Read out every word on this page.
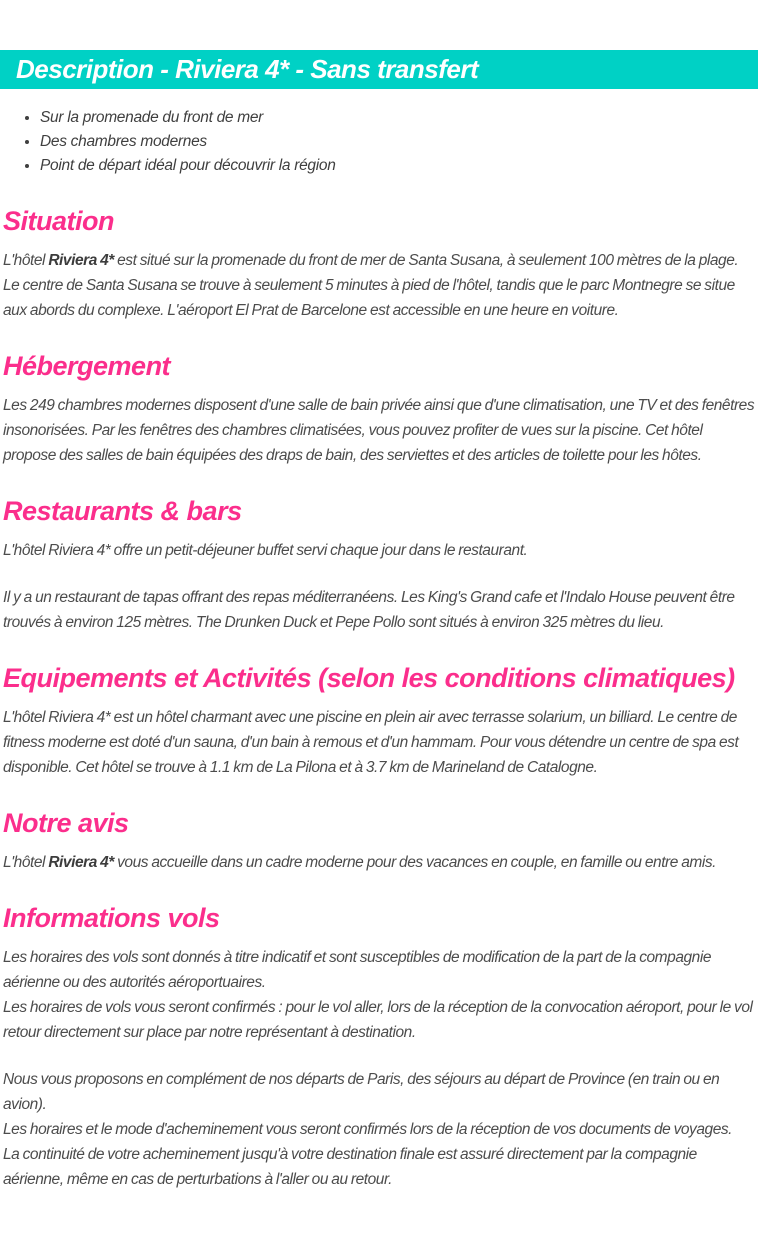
Description - Riviera 4* - Sans transfert
• Sur la promenade du front de mer
• Des chambres modernes
• Point de départ idéal pour découvrir la région
Situation

L'hôtel Riviera 4* est situé sur la promenade du front de mer de Santa Susana, à seulement 100 mètres de la plage. Le centre de Santa Susana se trouve à seulement 5 minutes à pied de l'hôtel, tandis que le parc Montnegre se situe aux abords du complexe. L'aéroport El Prat de Barcelone est accessible en une heure en voiture.

Hébergement

Les 249 chambres modernes disposent d'une salle de bain privée ainsi que d'une climatisation, une TV et des fenêtres insonorisées. Par les fenêtres des chambres climatisées, vous pouvez profiter de vues sur la piscine. Cet hôtel propose des salles de bain équipées des draps de bain, des serviettes et des articles de toilette pour les hôtes.

Restaurants & bars

L'hôtel Riviera 4* offre un petit-déjeuner buffet servi chaque jour dans le restaurant.

Il y a un restaurant de tapas offrant des repas méditerranéens. Les King's Grand cafe et l'Indalo House peuvent être trouvés à environ 125 mètres. The Drunken Duck et Pepe Pollo sont situés à environ 325 mètres du lieu.

Equipements et Activités (selon les conditions climatiques)

L'hôtel Riviera 4* est un hôtel charmant avec une piscine en plein air avec terrasse solarium, un billiard. Le centre de fitness moderne est doté d'un sauna, d'un bain à remous et d'un hammam. Pour vous détendre un centre de spa est disponible. Cet hôtel se trouve à 1.1 km de La Pilona et à 3.7 km de Marineland de Catalogne.

Notre avis

L'hôtel Riviera 4* vous accueille dans un cadre moderne pour des vacances en couple, en famille ou entre amis.

Informations vols

Les horaires des vols sont donnés à titre indicatif et sont susceptibles de modification de la part de la compagnie aérienne ou des autorités aéroportuaires.
Les horaires de vols vous seront confirmés : pour le vol aller, lors de la réception de la convocation aéroport, pour le vol retour directement sur place par notre représentant à destination.

Nous vous proposons en complément de nos départs de Paris, des séjours au départ de Province (en train ou en avion).
Les horaires et le mode d'acheminement vous seront confirmés lors de la réception de vos documents de voyages.
La continuité de votre acheminement jusqu'à votre destination finale est assuré directement par la compagnie aérienne, même en cas de perturbations à l'aller ou au retour.
